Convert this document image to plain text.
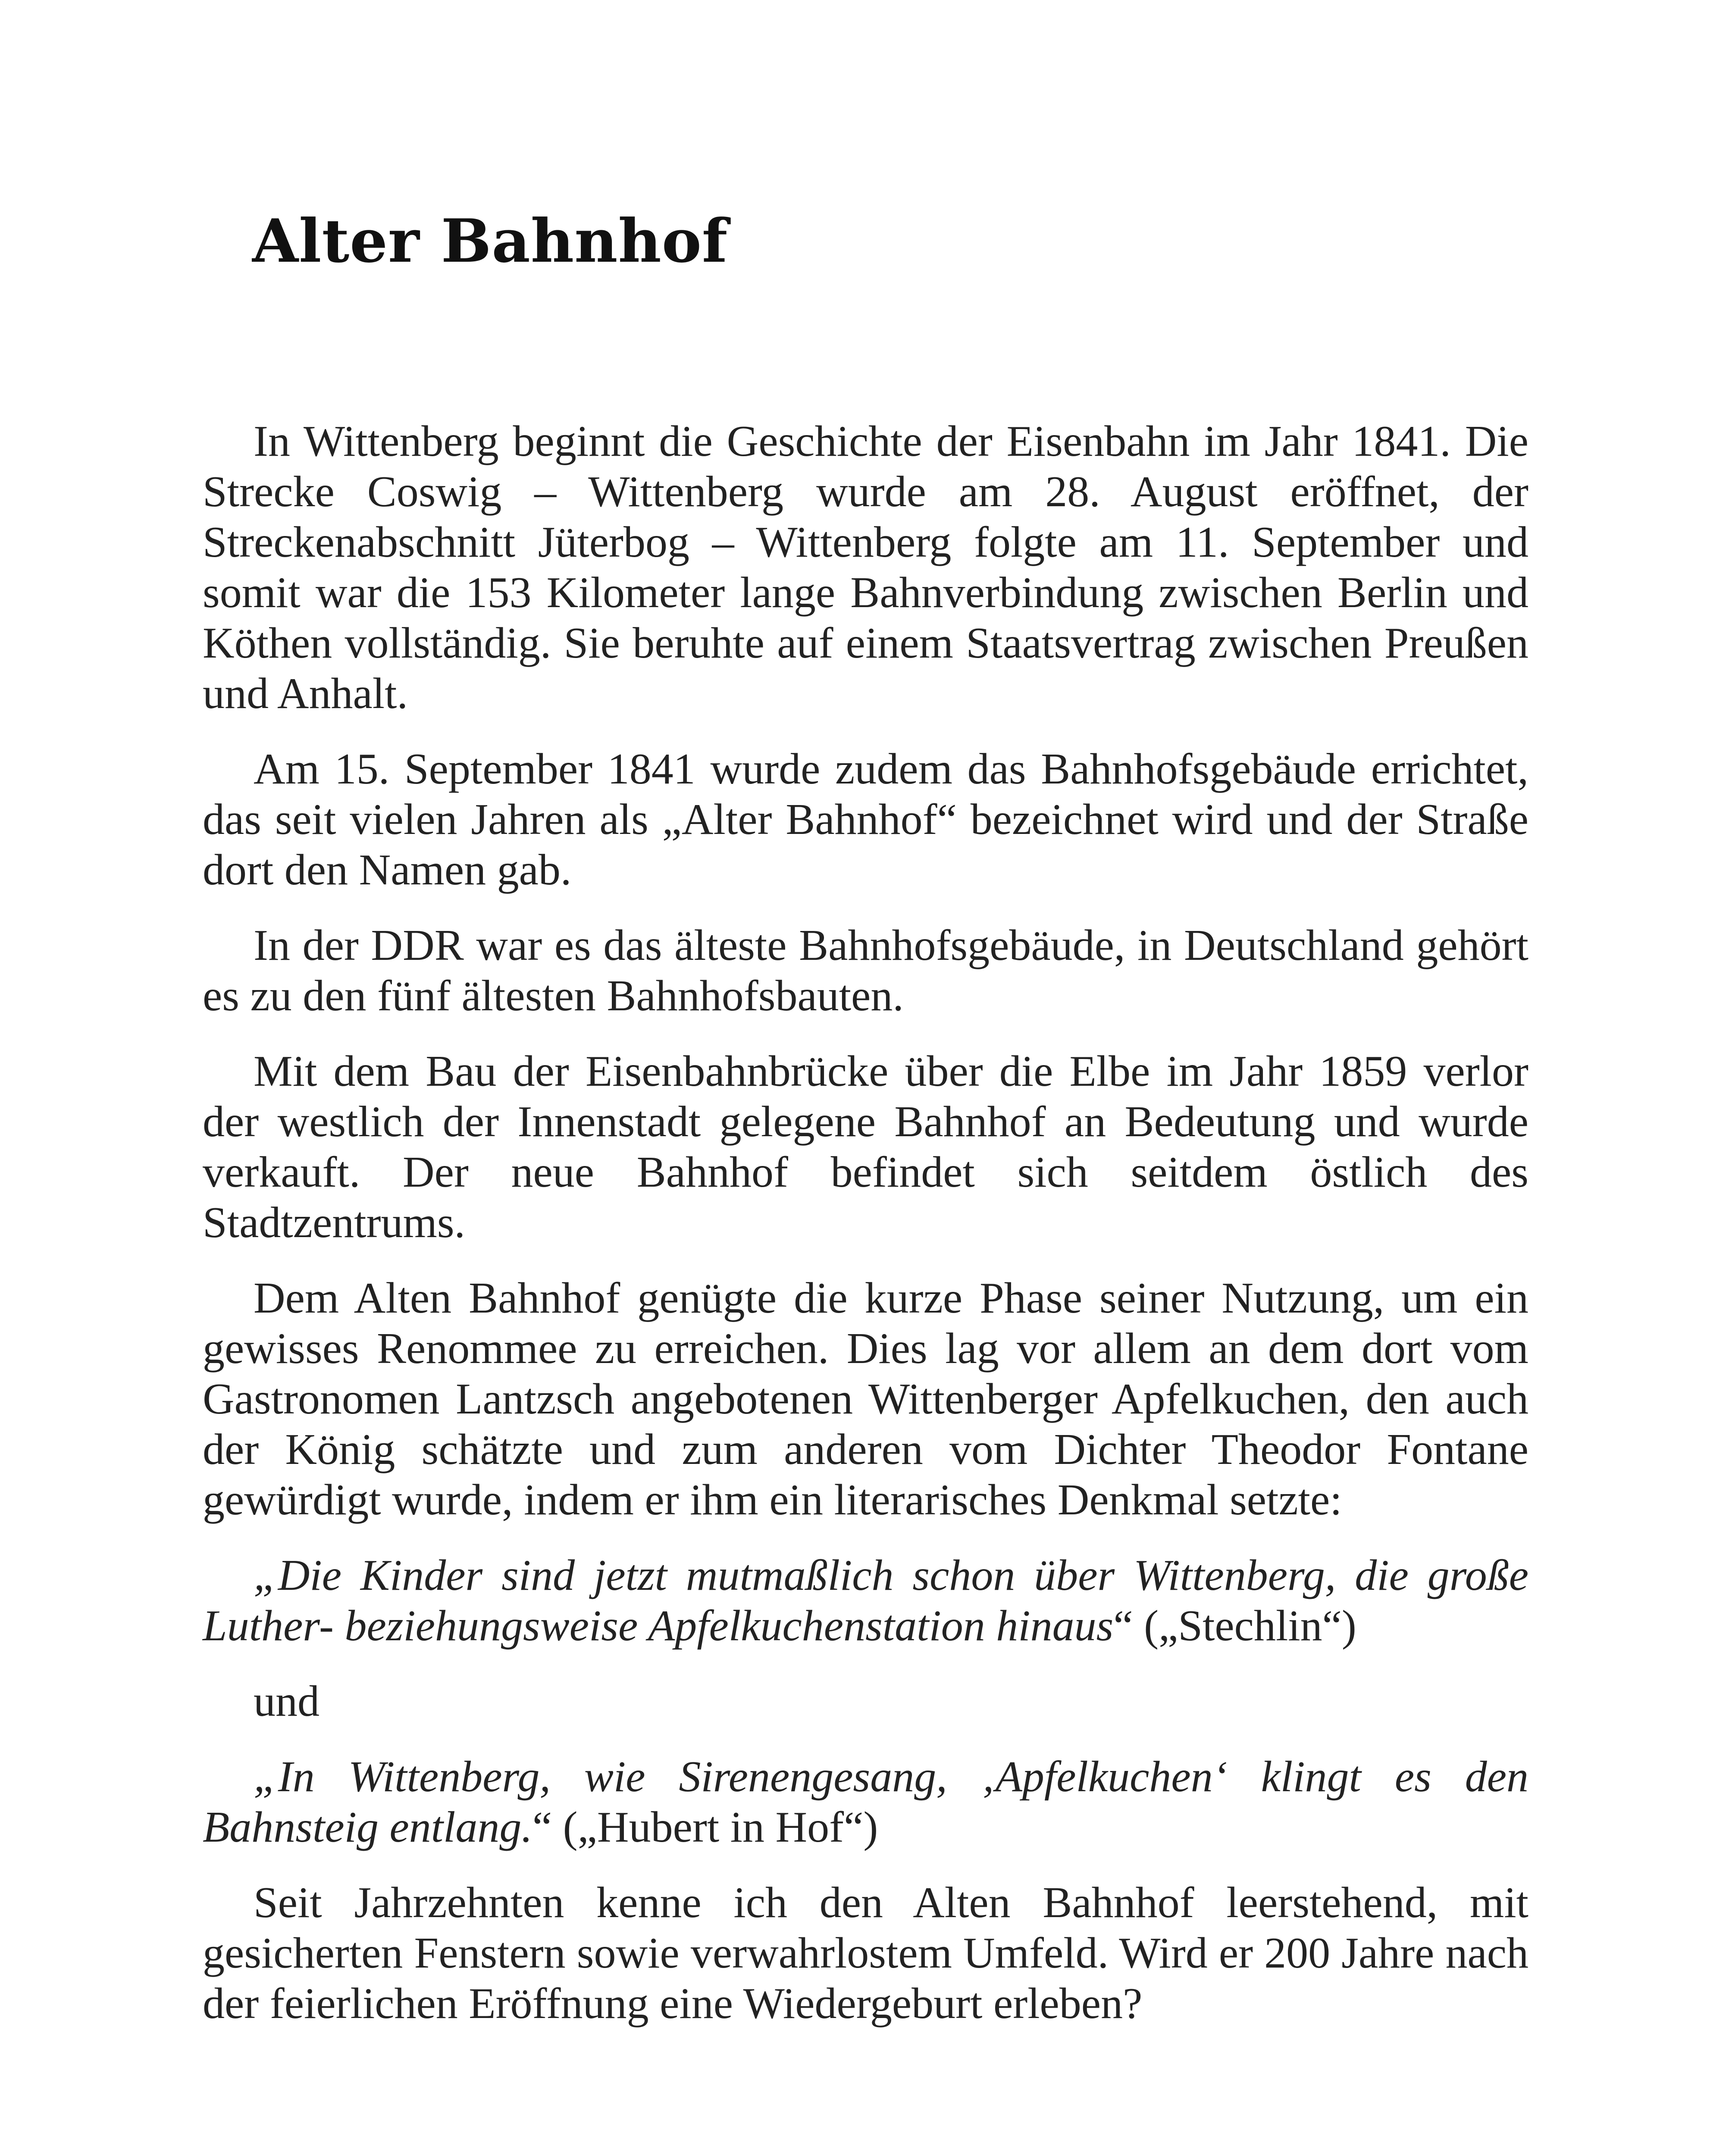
Alter Bahnhof

In Wittenberg beginnt die Geschichte der Eisenbahn im Jahr 1841. Die Strecke Coswig – Wittenberg wurde am 28. August eröffnet, der Streckenabschnitt Jüterbog – Wittenberg folgte am 11. September und somit war die 153 Kilometer lange Bahnverbindung zwischen Berlin und Köthen vollständig. Sie beruhte auf einem Staatsvertrag zwischen Preußen und Anhalt.

Am 15. September 1841 wurde zudem das Bahnhofsgebäude errichtet, das seit vielen Jahren als „Alter Bahnhof“ bezeichnet wird und der Straße dort den Namen gab.

In der DDR war es das älteste Bahnhofsgebäude, in Deutschland gehört es zu den fünf ältesten Bahnhofsbauten.

Mit dem Bau der Eisenbahnbrücke über die Elbe im Jahr 1859 verlor der westlich der Innenstadt gelegene Bahnhof an Bedeutung und wurde verkauft. Der neue Bahnhof befindet sich seitdem östlich des Stadtzentrums.

Dem Alten Bahnhof genügte die kurze Phase seiner Nutzung, um ein gewisses Renommee zu erreichen. Dies lag vor allem an dem dort vom Gastronomen Lantzsch angebotenen Wittenberger Apfelkuchen, den auch der König schätzte und zum anderen vom Dichter Theodor Fontane gewürdigt wurde, indem er ihm ein literarisches Denkmal setzte:

„Die Kinder sind jetzt mutmaßlich schon über Wittenberg, die große Luther- beziehungsweise Apfelkuchenstation hinaus“ („Stechlin“)

und

„In Wittenberg, wie Sirenengesang, ‚Apfelkuchen‘ klingt es den Bahnsteig entlang.“ („Hubert in Hof“)

Seit Jahrzehnten kenne ich den Alten Bahnhof leerstehend, mit gesicherten Fenstern sowie verwahrlostem Umfeld. Wird er 200 Jahre nach der feierlichen Eröffnung eine Wiedergeburt erleben?
